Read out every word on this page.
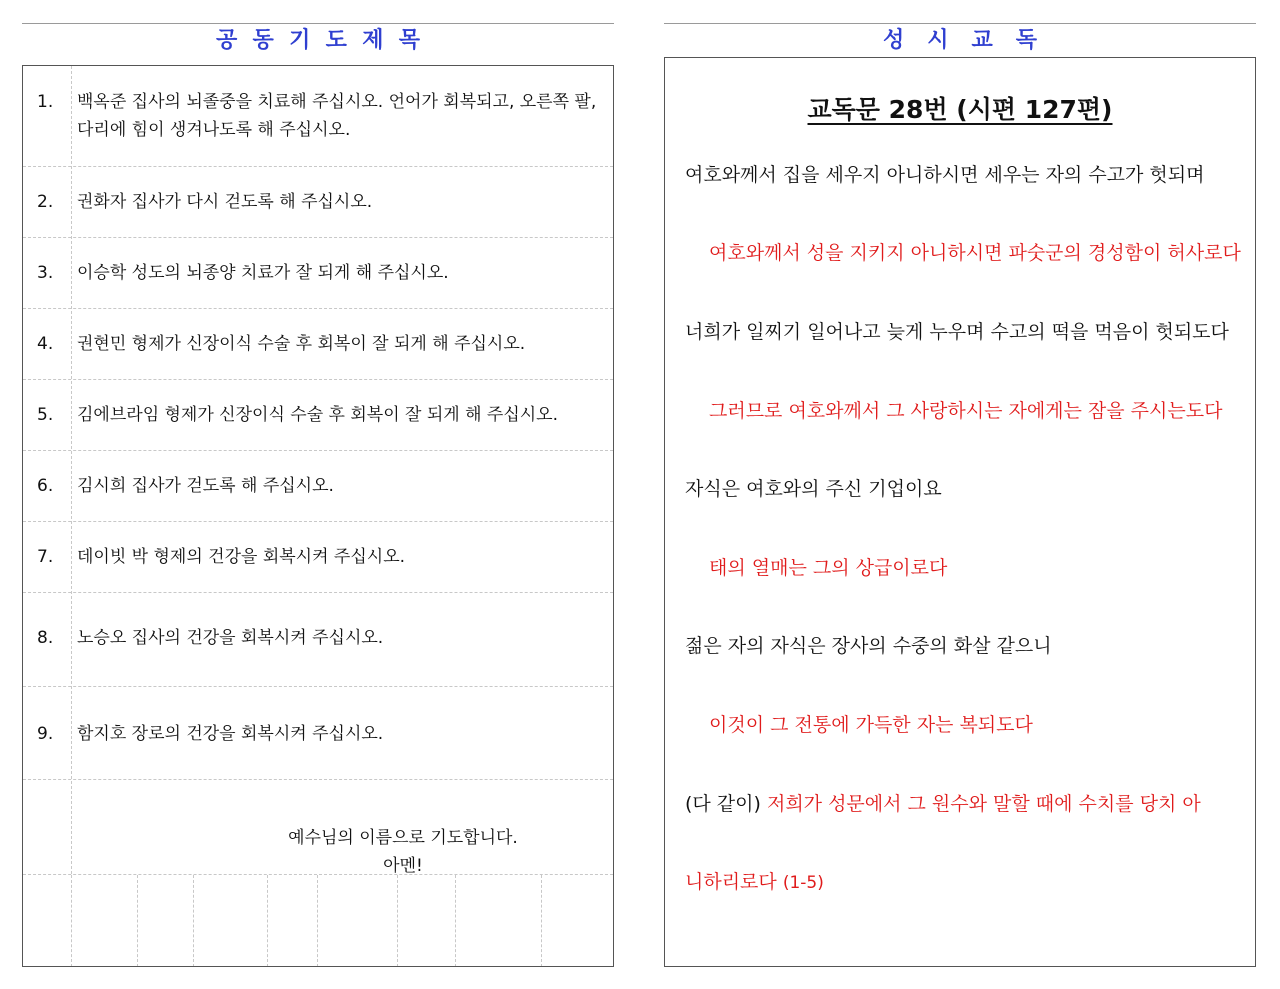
공  동  기  도  제  목	성   시   교   독
1.	백옥준 집사의 뇌졸중을 치료해 주십시오. 언어가 회복되고, 오른쪽 팔, 다리에 힘이 생겨나도록 해 주십시오.
2.	권화자 집사가 다시 걷도록 해 주십시오.
3.	이승학 성도의 뇌종양 치료가 잘 되게 해 주십시오.
4.	권현민 형제가 신장이식 수술 후 회복이 잘 되게 해 주십시오.
5.	김에브라임 형제가 신장이식 수술 후 회복이 잘 되게 해 주십시오.
6.	김시희 집사가 걷도록 해 주십시오.
7.	데이빗 박 형제의 건강을 회복시켜 주십시오.
8.	노승오 집사의 건강을 회복시켜 주십시오.
9.	함지호 장로의 건강을 회복시켜 주십시오.
예수님의 이름으로 기도합니다.
아멘!
교독문 28번 (시편 127편)
여호와께서 집을 세우지 아니하시면 세우는 자의 수고가 헛되며
여호와께서 성을 지키지 아니하시면 파숫군의 경성함이 허사로다
너희가 일찌기 일어나고 늦게 누우며 수고의 떡을 먹음이 헛되도다
그러므로 여호와께서 그 사랑하시는 자에게는 잠을 주시는도다
자식은 여호와의 주신 기업이요
태의 열매는 그의 상급이로다
젊은 자의 자식은 장사의 수중의 화살 같으니
이것이 그 전통에 가득한 자는 복되도다
(다 같이) 저희가 성문에서 그 원수와 말할 때에 수치를 당치 아
니하리로다 (1-5)
